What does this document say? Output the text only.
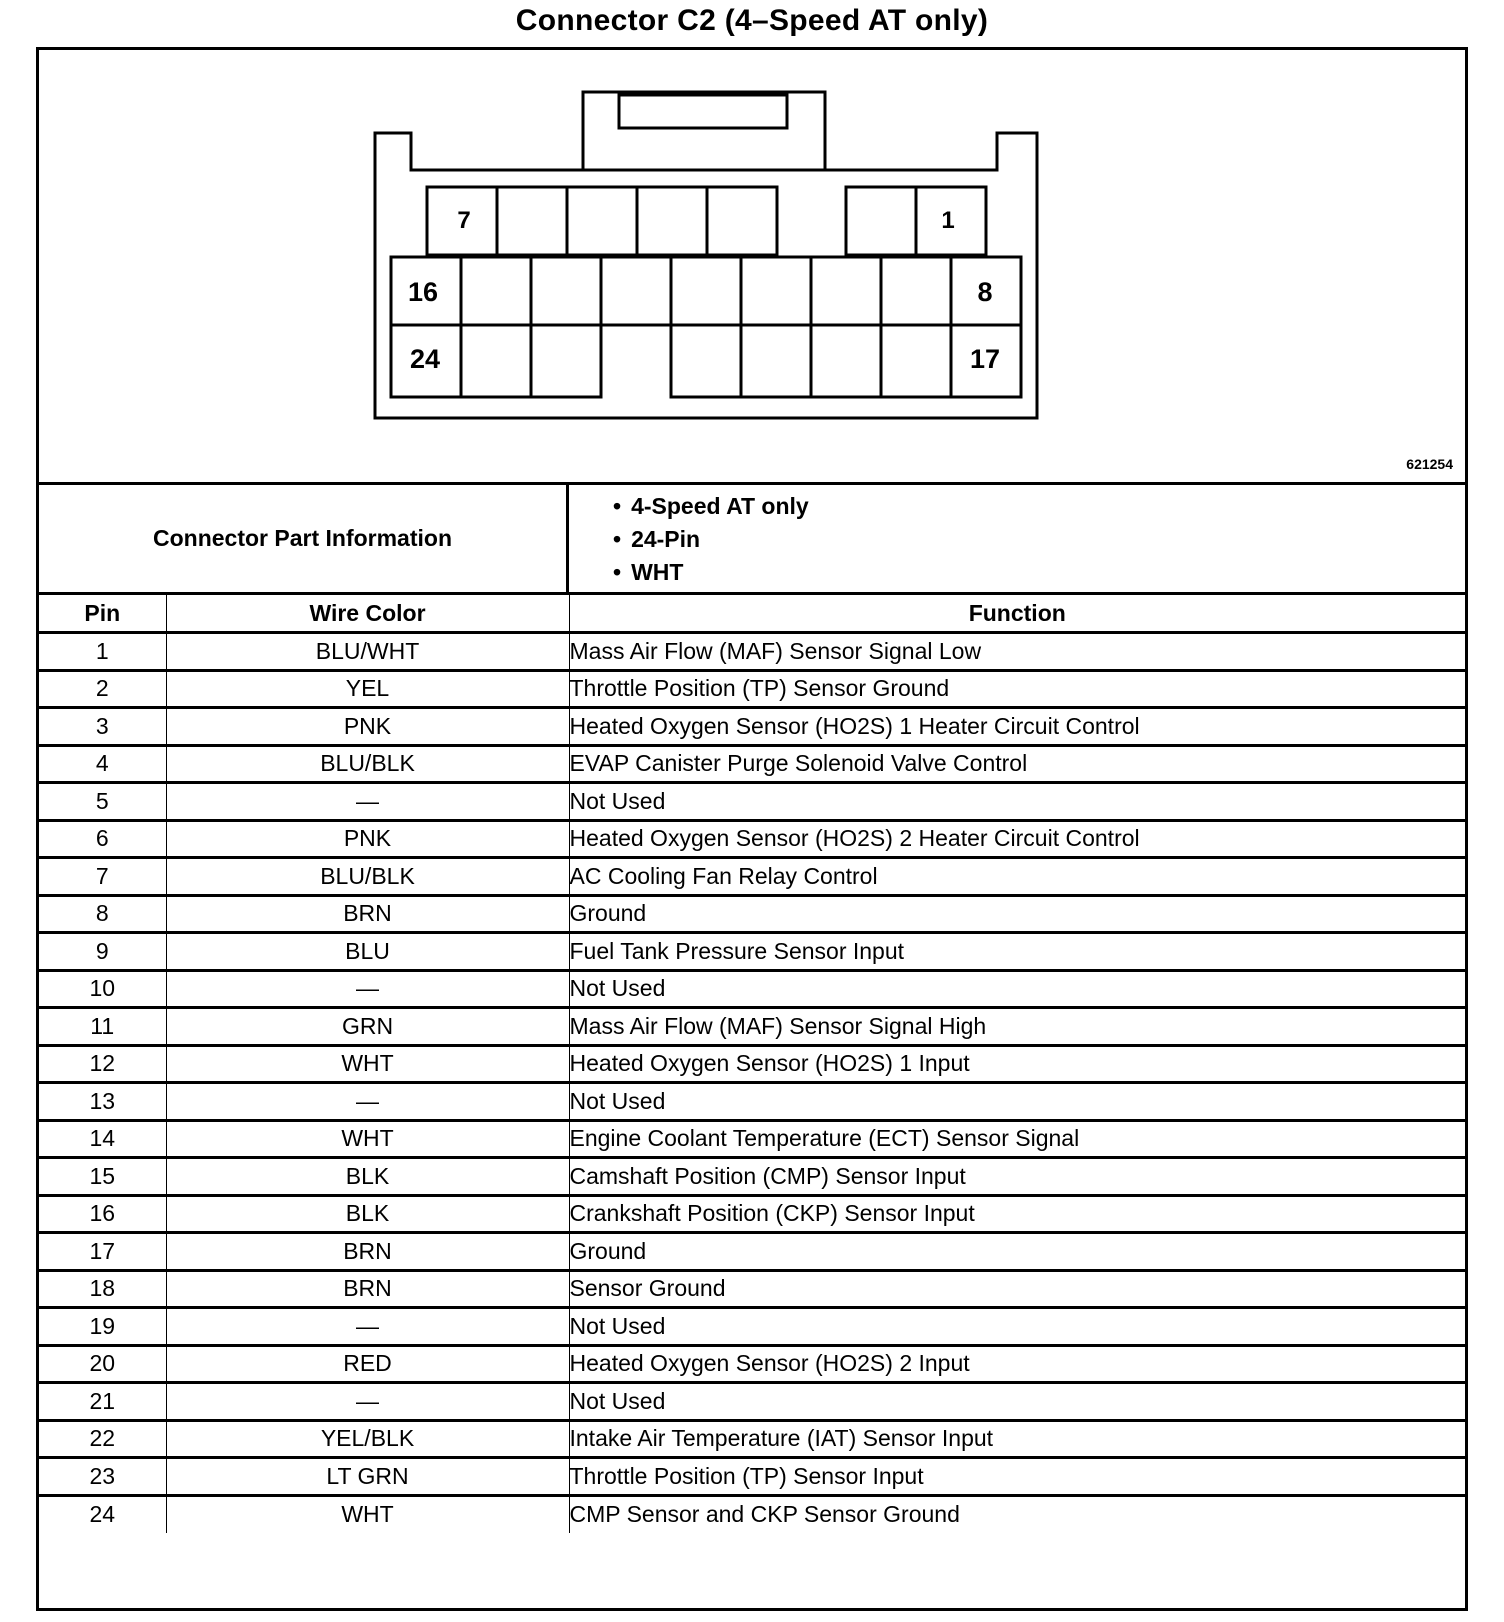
Connector C2 (4–Speed AT only)
7	1
16	8
24	17
621254
Connector Part Information
• 4-Speed AT only
• 24-Pin
• WHT
Pin	Wire Color	Function
1	BLU/WHT	Mass Air Flow (MAF) Sensor Signal Low
2	YEL	Throttle Position (TP) Sensor Ground
3	PNK	Heated Oxygen Sensor (HO2S) 1 Heater Circuit Control
4	BLU/BLK	EVAP Canister Purge Solenoid Valve Control
5	—	Not Used
6	PNK	Heated Oxygen Sensor (HO2S) 2 Heater Circuit Control
7	BLU/BLK	AC Cooling Fan Relay Control
8	BRN	Ground
9	BLU	Fuel Tank Pressure Sensor Input
10	—	Not Used
11	GRN	Mass Air Flow (MAF) Sensor Signal High
12	WHT	Heated Oxygen Sensor (HO2S) 1 Input
13	—	Not Used
14	WHT	Engine Coolant Temperature (ECT) Sensor Signal
15	BLK	Camshaft Position (CMP) Sensor Input
16	BLK	Crankshaft Position (CKP) Sensor Input
17	BRN	Ground
18	BRN	Sensor Ground
19	—	Not Used
20	RED	Heated Oxygen Sensor (HO2S) 2 Input
21	—	Not Used
22	YEL/BLK	Intake Air Temperature (IAT) Sensor Input
23	LT GRN	Throttle Position (TP) Sensor Input
24	WHT	CMP Sensor and CKP Sensor Ground
